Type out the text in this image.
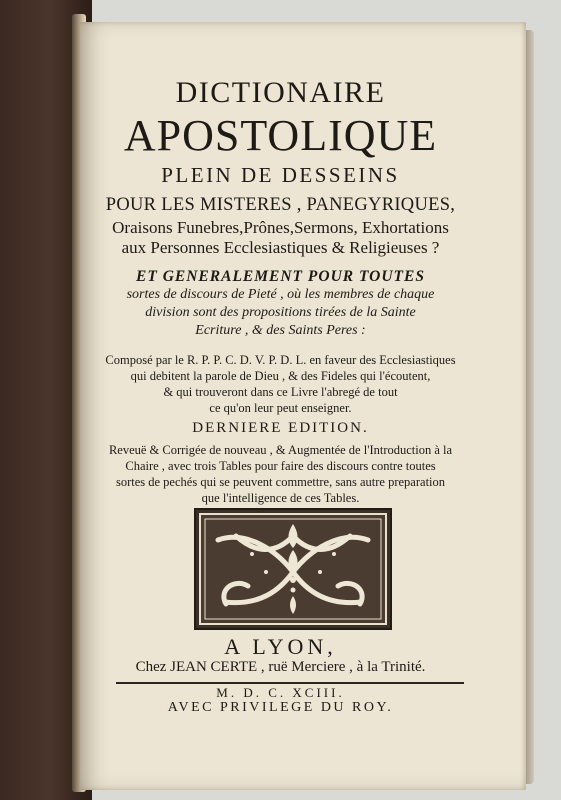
DICTIONAIRE
APOSTOLIQUE
PLEIN DE DESSEINS
POUR LES MISTERES , PANEGYRIQUES,
Oraisons Funebres,Prônes,Sermons, Exhortations
aux Personnes Ecclesiastiques & Religieuses ?
ET GENERALEMENT POUR TOUTES
sortes de discours de Pieté , où les membres de chaque
division sont des propositions tirées de la Sainte
Ecriture , & des Saints Peres :
Composé par le R. P. P. C. D. V. P. D. L. en faveur des Ecclesiastiques
qui debitent la parole de Dieu , & des Fideles qui l'écoutent,
& qui trouveront dans ce Livre l'abregé de tout
ce qu'on leur peut enseigner.
DERNIERE EDITION.
Reveuë & Corrigée de nouveau , & Augmentée de l'Introduction à la
Chaire , avec trois Tables pour faire des discours contre toutes
sortes de pechés qui se peuvent commettre, sans autre preparation
que l'intelligence de ces Tables.
A LYON,
Chez JEAN CERTE , ruë Merciere , à la Trinité.
M. D. C. XCIII.
AVEC PRIVILEGE DU ROY.
